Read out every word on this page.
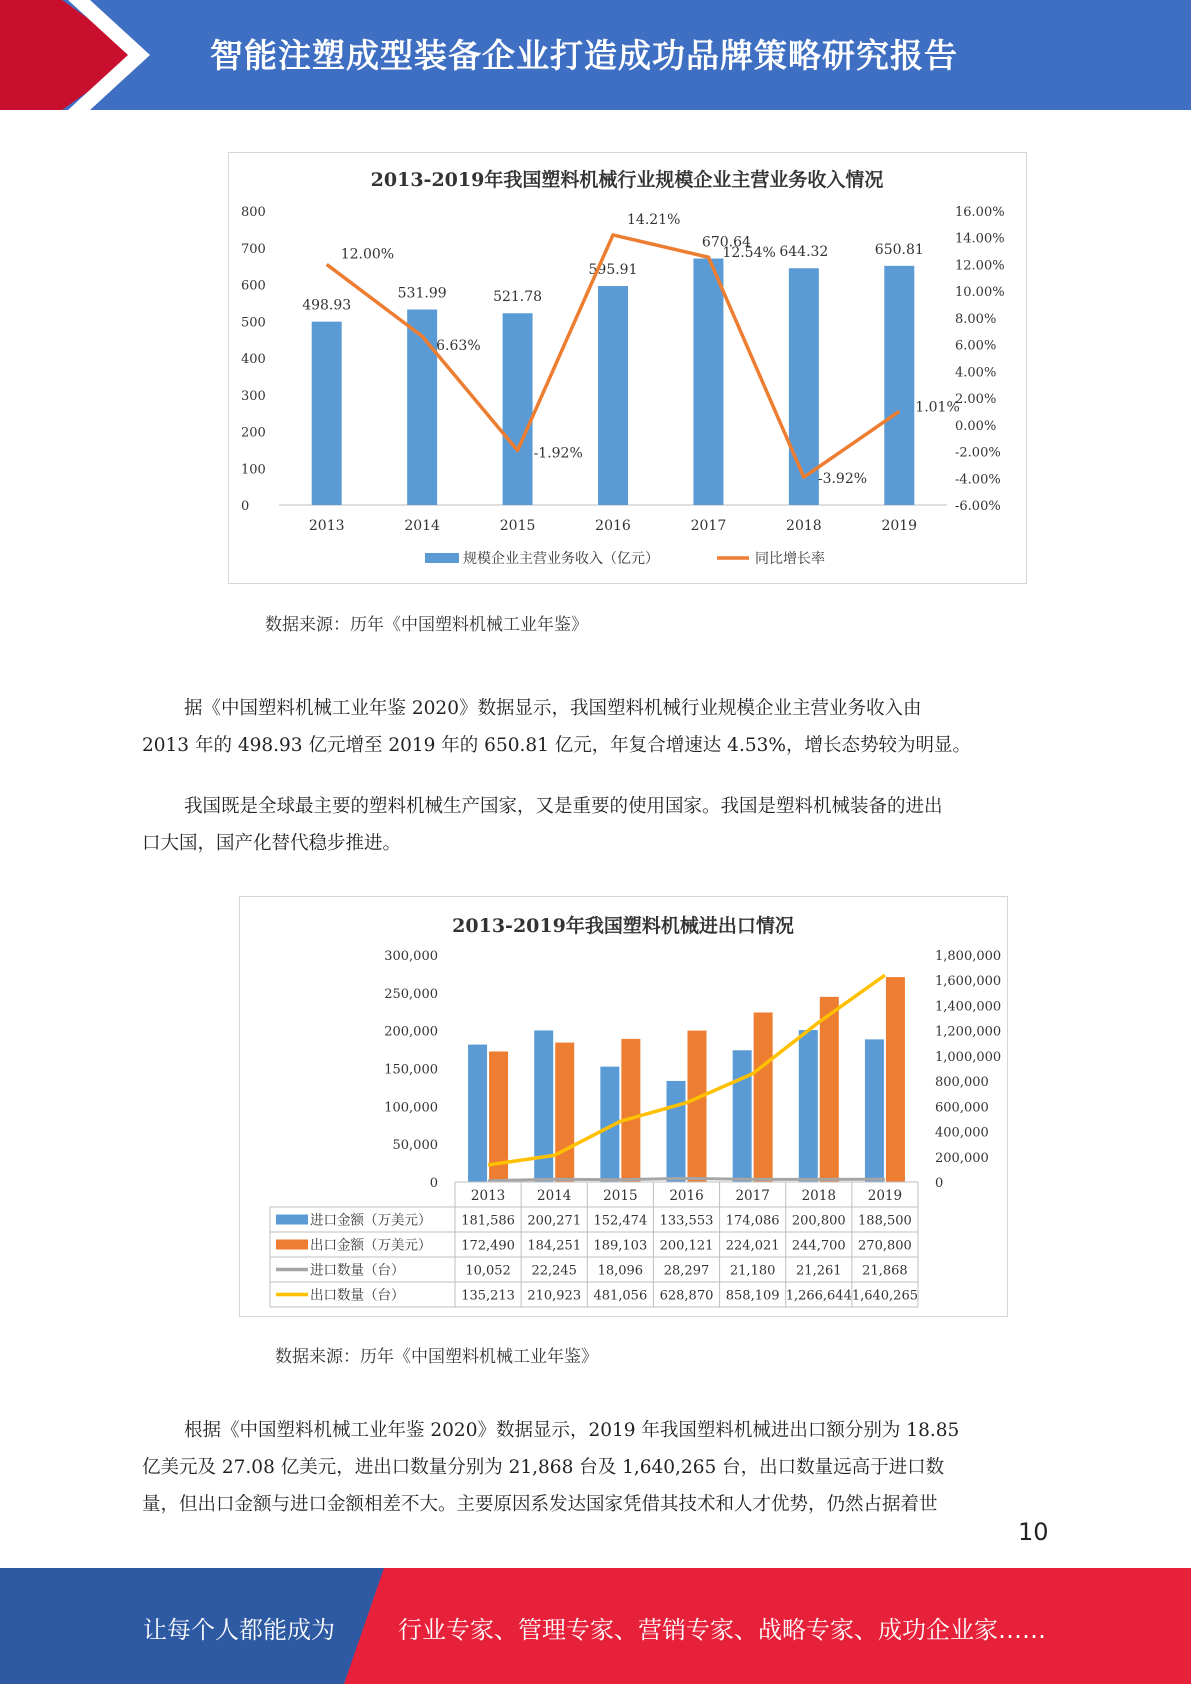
智能注塑成型装备企业打造成功品牌策略研究报告
2013-2019年我国塑料机械行业规模企业主营业务收入情况
0
100
200
300
400
500
600
700
800
-6.00%
-4.00%
-2.00%
0.00%
2.00%
4.00%
6.00%
8.00%
10.00%
12.00%
14.00%
16.00%
2013	2014	2015	2016	2017	2018	2019
498.93
531.99	521.78
595.91
670.64
644.32	650.81
12.00%
6.63%
-1.92%
14.21%
12.54%
-3.92%
1.01%
规模企业主营业务收入（亿元）	同比增长率
数据来源：历年《中国塑料机械工业年鉴》
据《中国塑料机械工业年鉴 2020》数据显示，我国塑料机械行业规模企业主营业务收入由
2013 年的 498.93 亿元增至 2019 年的 650.81 亿元，年复合增速达 4.53%，增长态势较为明显。
我国既是全球最主要的塑料机械生产国家，又是重要的使用国家。我国是塑料机械装备的进出
口大国，国产化替代稳步推进。
2013-2019年我国塑料机械进出口情况
0
50,000
100,000
150,000
200,000
250,000
300,000
0
200,000
400,000
600,000
800,000
1,000,000
1,200,000
1,400,000
1,600,000
1,800,000
2013 2014 2015 2016 2017 2018 2019
进口金额（万美元） 181,586 200,271 152,474 133,553 174,086 200,800 188,500
出口金额（万美元） 172,490 184,251 189,103 200,121 224,021 244,700 270,800
进口数量（台）	10,052 22,245 18,096 28,297 21,180 21,261 21,868
出口数量（台）	135,213 210,923 481,056 628,870 858,109 1,266,644 1,640,265
数据来源：历年《中国塑料机械工业年鉴》
根据《中国塑料机械工业年鉴 2020》数据显示，2019 年我国塑料机械进出口额分别为 18.85
亿美元及 27.08 亿美元，进出口数量分别为 21,868 台及 1,640,265 台，出口数量远高于进口数
量，但出口金额与进口金额相差不大。主要原因系发达国家凭借其技术和人才优势，仍然占据着世
10
让每个人都能成为	行业专家、管理专家、营销专家、战略专家、成功企业家……
